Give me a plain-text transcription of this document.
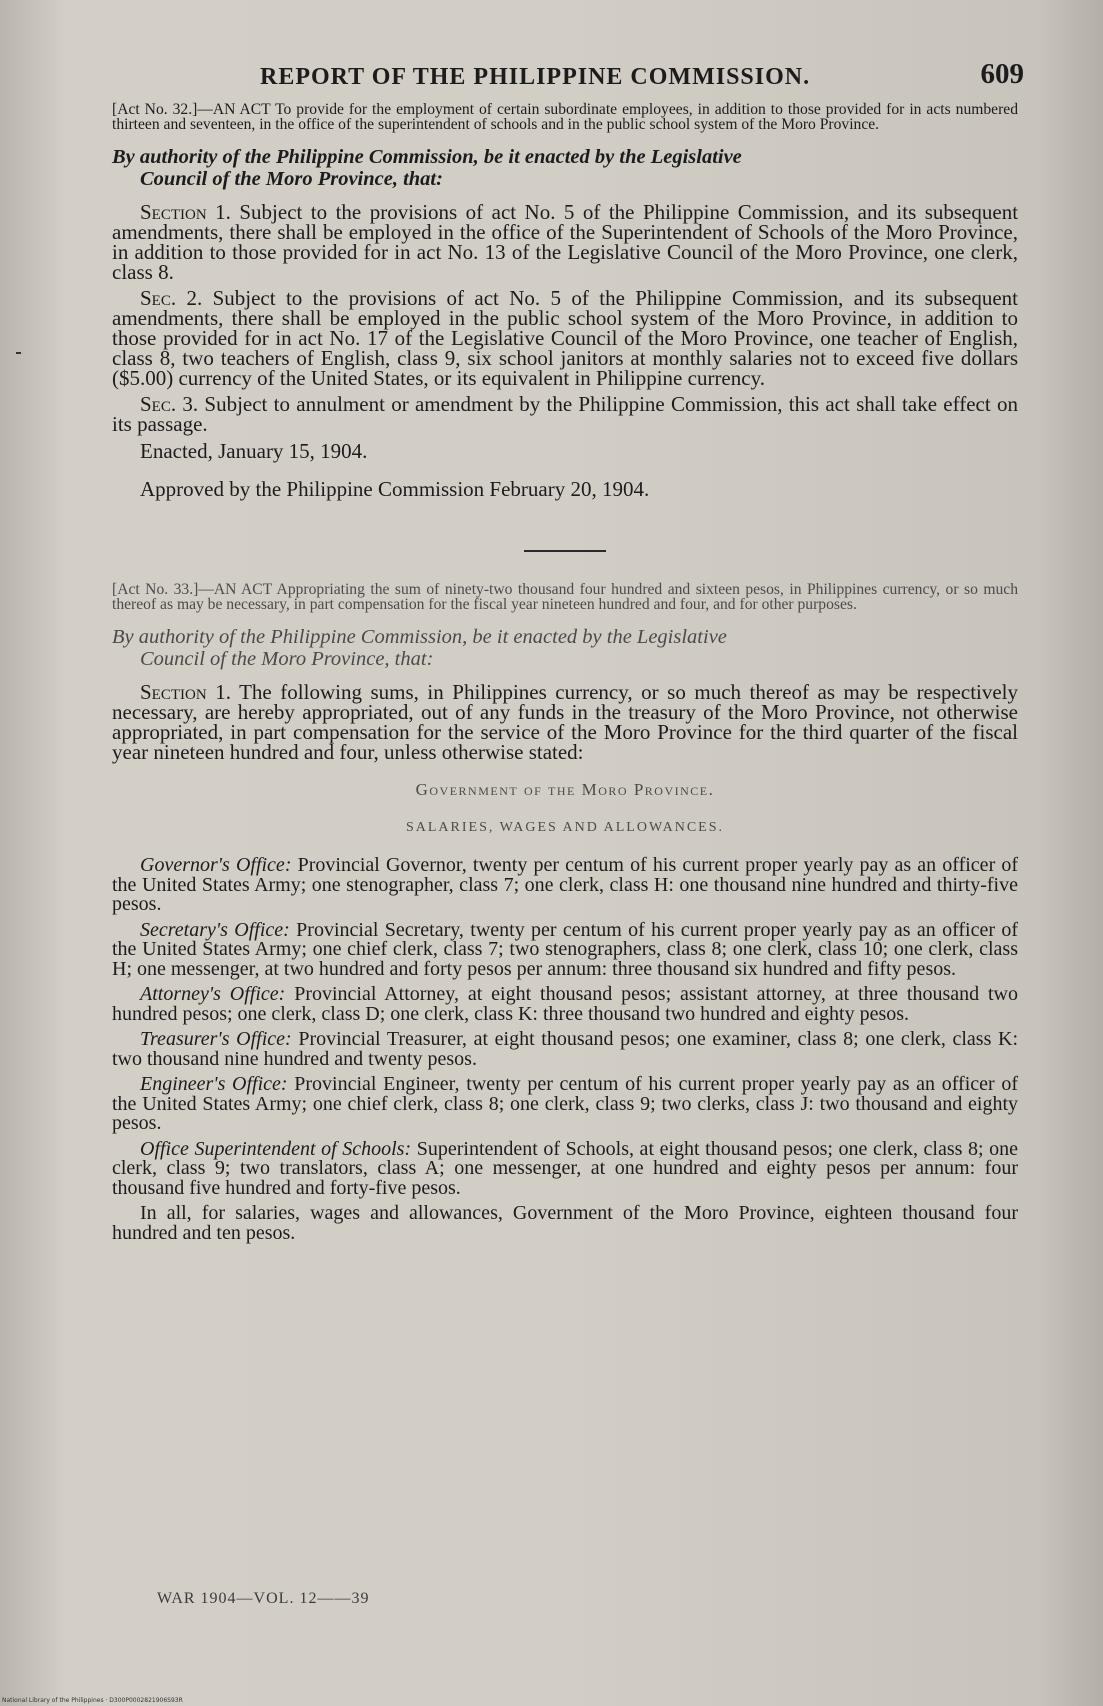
REPORT OF THE PHILIPPINE COMMISSION.	609

[Act No. 32.]—AN ACT To provide for the employment of certain subordinate employees, in addition to those provided for in acts numbered thirteen and seventeen, in the office of the superintendent of schools and in the public school system of the Moro Province.

By authority of the Philippine Commission, be it enacted by the Legislative
Council of the Moro Province, that:

Section 1. Subject to the provisions of act No. 5 of the Philippine Commission, and its subsequent amendments, there shall be employed in the office of the Superintendent of Schools of the Moro Province, in addition to those provided for in act No. 13 of the Legislative Council of the Moro Province, one clerk, class 8.

Sec. 2. Subject to the provisions of act No. 5 of the Philippine Commission, and its subsequent amendments, there shall be employed in the public school system of the Moro Province, in addition to those provided for in act No. 17 of the Legislative Council of the Moro Province, one teacher of English, class 8, two teachers of English, class 9, six school janitors at monthly salaries not to exceed five dollars ($5.00) currency of the United States, or its equivalent in Philippine currency.

Sec. 3. Subject to annulment or amendment by the Philippine Commission, this act shall take effect on its passage.

Enacted, January 15, 1904.
Approved by the Philippine Commission February 20, 1904.

[Act No. 33.]—AN ACT Appropriating the sum of ninety-two thousand four hundred and sixteen pesos, in Philippines currency, or so much thereof as may be necessary, in part compensation for the fiscal year nineteen hundred and four, and for other purposes.

By authority of the Philippine Commission, be it enacted by the Legislative
Council of the Moro Province, that:

Section 1. The following sums, in Philippines currency, or so much thereof as may be respectively necessary, are hereby appropriated, out of any funds in the treasury of the Moro Province, not otherwise appropriated, in part compensation for the service of the Moro Province for the third quarter of the fiscal year nineteen hundred and four, unless otherwise stated:

Government of the Moro Province.
SALARIES, WAGES AND ALLOWANCES.

Governor's Office: Provincial Governor, twenty per centum of his current proper yearly pay as an officer of the United States Army; one stenographer, class 7; one clerk, class H: one thousand nine hundred and thirty-five pesos.

Secretary's Office: Provincial Secretary, twenty per centum of his current proper yearly pay as an officer of the United States Army; one chief clerk, class 7; two stenographers, class 8; one clerk, class 10; one clerk, class H; one messenger, at two hundred and forty pesos per annum: three thousand six hundred and fifty pesos.

Attorney's Office: Provincial Attorney, at eight thousand pesos; assistant attorney, at three thousand two hundred pesos; one clerk, class D; one clerk, class K: three thousand two hundred and eighty pesos.

Treasurer's Office: Provincial Treasurer, at eight thousand pesos; one examiner, class 8; one clerk, class K: two thousand nine hundred and twenty pesos.

Engineer's Office: Provincial Engineer, twenty per centum of his current proper yearly pay as an officer of the United States Army; one chief clerk, class 8; one clerk, class 9; two clerks, class J: two thousand and eighty pesos.

Office Superintendent of Schools: Superintendent of Schools, at eight thousand pesos; one clerk, class 8; one clerk, class 9; two translators, class A; one messenger, at one hundred and eighty pesos per annum: four thousand five hundred and forty-five pesos.

In all, for salaries, wages and allowances, Government of the Moro Province, eighteen thousand four hundred and ten pesos.

WAR 1904—VOL. 12——39
National Library of the Philippines · D300P0002821906S93R
